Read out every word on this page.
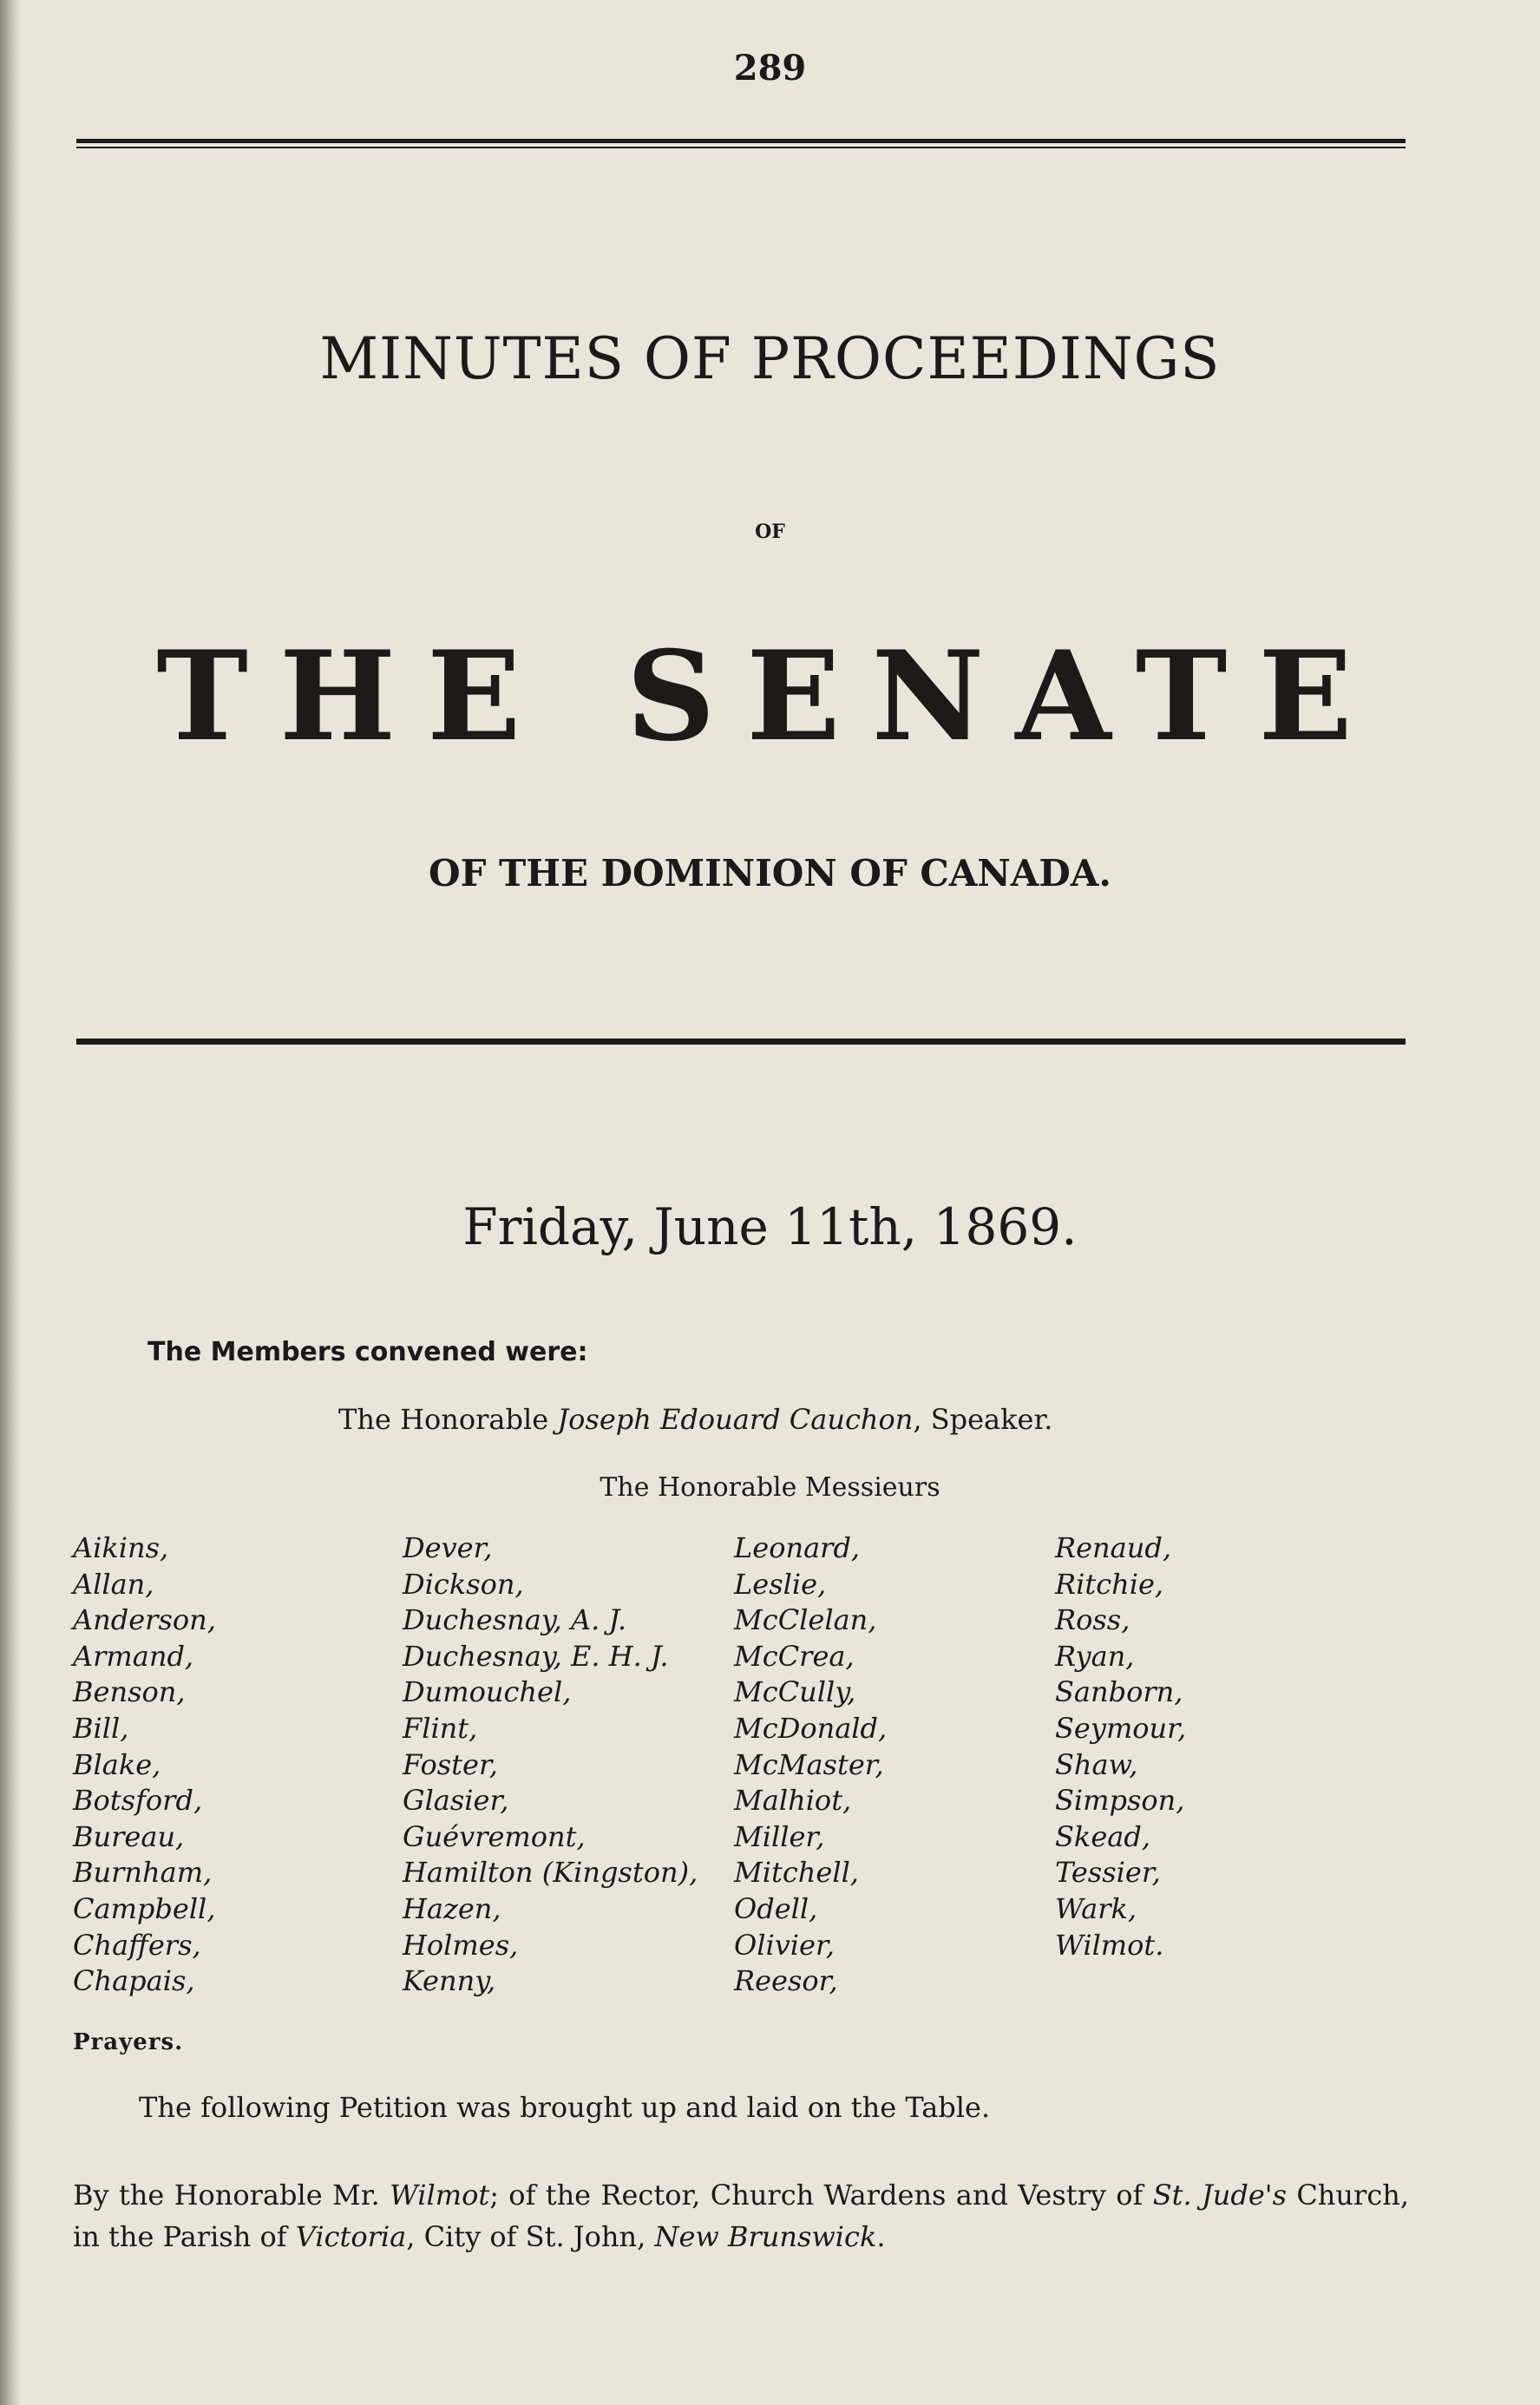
289
MINUTES OF PROCEEDINGS
OF
THE SENATE
OF THE DOMINION OF CANADA.
Friday, June 11th, 1869.
The Members convened were:
The Honorable Joseph Edouard Cauchon, Speaker.
The Honorable Messieurs
Aikins,
Allan,
Anderson,
Armand,
Benson,
Bill,
Blake,
Botsford,
Bureau,
Burnham,
Campbell,
Chaffers,
Chapais,
Dever,
Dickson,
Duchesnay, A. J.
Duchesnay, E. H. J.
Dumouchel,
Flint,
Foster,
Glasier,
Guévremont,
Hamilton (Kingston),
Hazen,
Holmes,
Kenny,
Leonard,
Leslie,
McClelan,
McCrea,
McCully,
McDonald,
McMaster,
Malhiot,
Miller,
Mitchell,
Odell,
Olivier,
Reesor,
Renaud,
Ritchie,
Ross,
Ryan,
Sanborn,
Seymour,
Shaw,
Simpson,
Skead,
Tessier,
Wark,
Wilmot.
Prayers.
The following Petition was brought up and laid on the Table.
By the Honorable Mr. Wilmot; of the Rector, Church Wardens and Vestry of St. Jude's Church, in the Parish of Victoria, City of St. John, New Brunswick.
